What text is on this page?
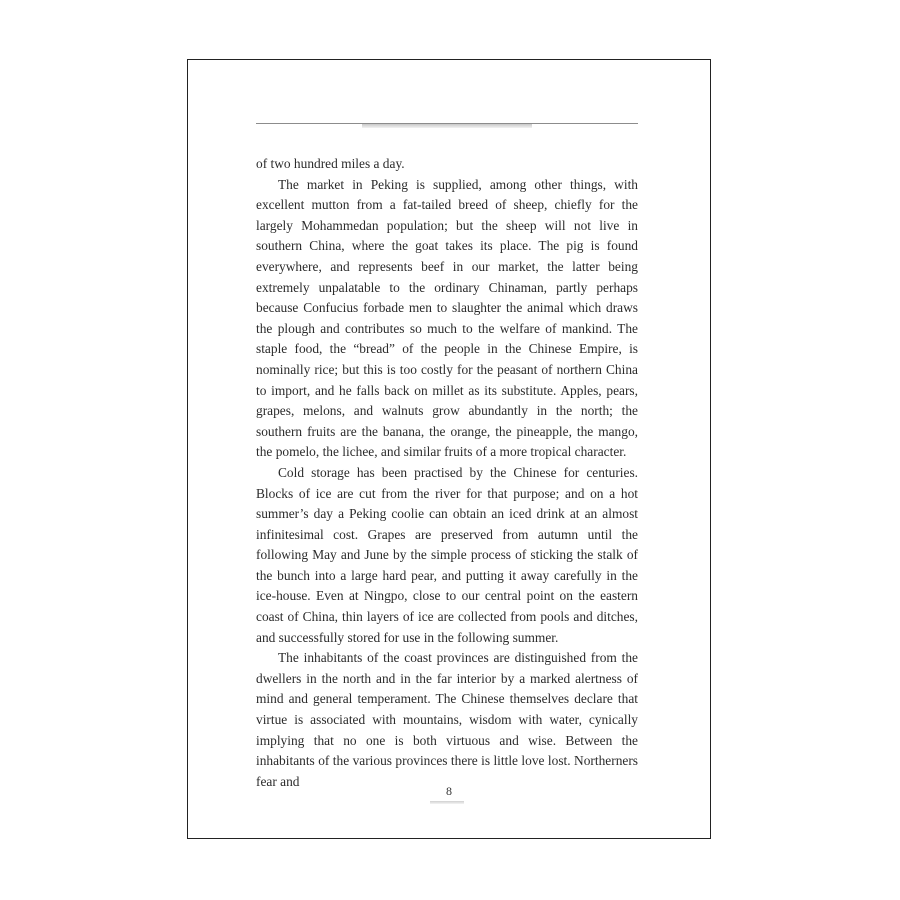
of two hundred miles a day.

The market in Peking is supplied, among other things, with excellent mutton from a fat-tailed breed of sheep, chiefly for the largely Mohammedan population; but the sheep will not live in southern China, where the goat takes its place. The pig is found everywhere, and represents beef in our market, the latter being extremely unpalatable to the ordinary Chinaman, partly perhaps because Confucius forbade men to slaughter the animal which draws the plough and contributes so much to the welfare of mankind. The staple food, the “bread” of the people in the Chinese Empire, is nominally rice; but this is too costly for the peasant of northern China to import, and he falls back on millet as its substitute. Apples, pears, grapes, melons, and walnuts grow abundantly in the north; the southern fruits are the banana, the orange, the pineapple, the mango, the pomelo, the lichee, and similar fruits of a more tropical character.

Cold storage has been practised by the Chinese for centuries. Blocks of ice are cut from the river for that purpose; and on a hot summer’s day a Peking coolie can obtain an iced drink at an almost infinitesimal cost. Grapes are preserved from autumn until the following May and June by the simple process of sticking the stalk of the bunch into a large hard pear, and putting it away carefully in the ice-house. Even at Ningpo, close to our central point on the eastern coast of China, thin layers of ice are collected from pools and ditches, and successfully stored for use in the following summer.

The inhabitants of the coast provinces are distinguished from the dwellers in the north and in the far interior by a marked alertness of mind and general temperament. The Chinese themselves declare that virtue is associated with mountains, wisdom with water, cynically implying that no one is both virtuous and wise. Between the inhabitants of the various provinces there is little love lost. Northerners fear and

8
